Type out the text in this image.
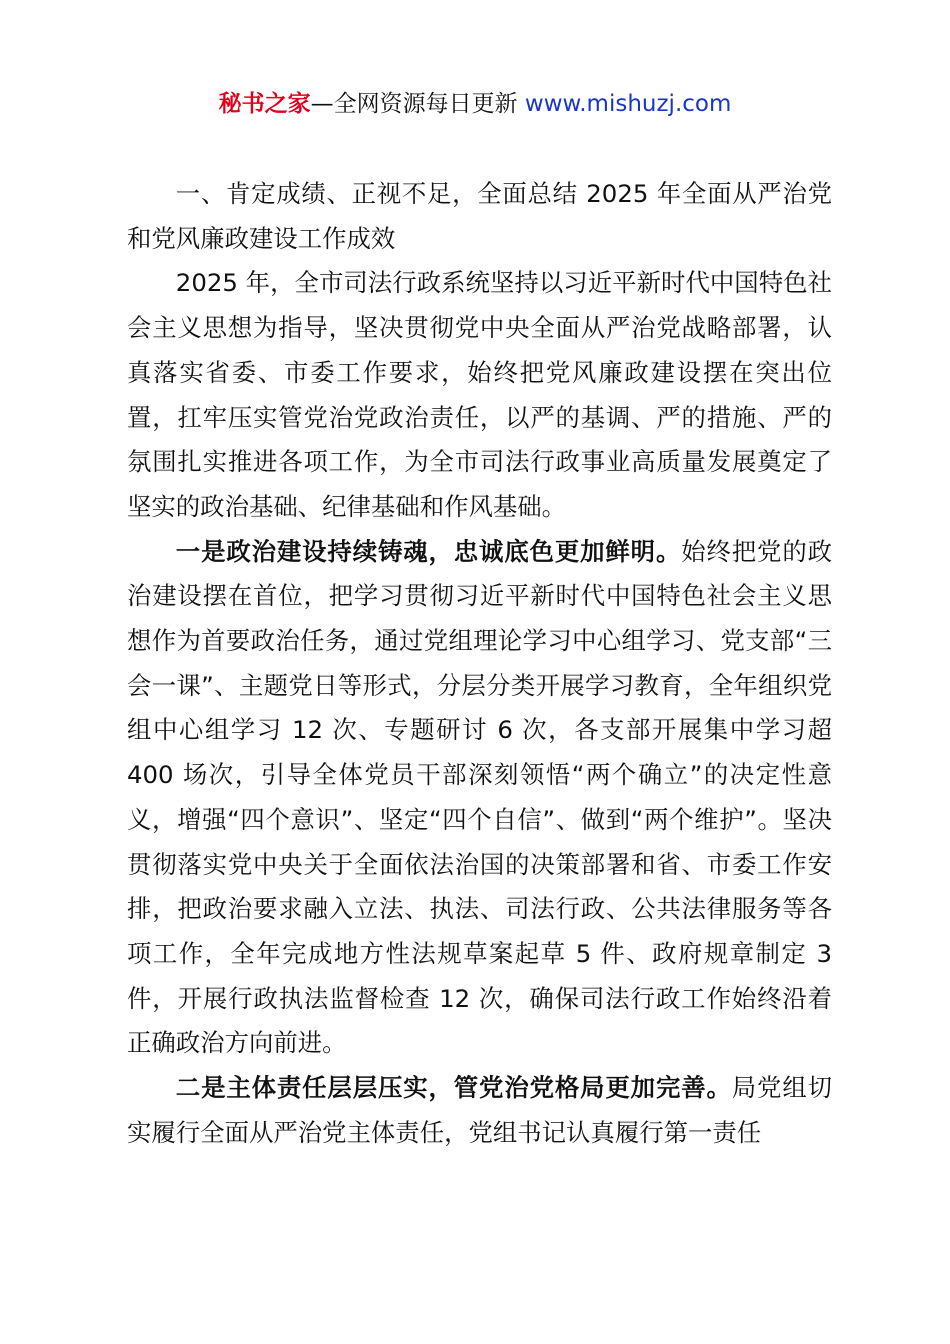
秘书之家—全网资源每日更新 www.mishuzj.com

一、肯定成绩、正视不足，全面总结 2025 年全面从严治党和党风廉政建设工作成效

2025 年，全市司法行政系统坚持以习近平新时代中国特色社会主义思想为指导，坚决贯彻党中央全面从严治党战略部署，认真落实省委、市委工作要求，始终把党风廉政建设摆在突出位置，扛牢压实管党治党政治责任，以严的基调、严的措施、严的氛围扎实推进各项工作，为全市司法行政事业高质量发展奠定了坚实的政治基础、纪律基础和作风基础。

一是政治建设持续铸魂，忠诚底色更加鲜明。始终把党的政治建设摆在首位，把学习贯彻习近平新时代中国特色社会主义思想作为首要政治任务，通过党组理论学习中心组学习、党支部“三会一课”、主题党日等形式，分层分类开展学习教育，全年组织党组中心组学习 12 次、专题研讨 6 次，各支部开展集中学习超 400 场次，引导全体党员干部深刻领悟“两个确立”的决定性意义，增强“四个意识”、坚定“四个自信”、做到“两个维护”。坚决贯彻落实党中央关于全面依法治国的决策部署和省、市委工作安排，把政治要求融入立法、执法、司法行政、公共法律服务等各项工作，全年完成地方性法规草案起草 5 件、政府规章制定 3 件，开展行政执法监督检查 12 次，确保司法行政工作始终沿着正确政治方向前进。

二是主体责任层层压实，管党治党格局更加完善。局党组切实履行全面从严治党主体责任，党组书记认真履行第一责任
